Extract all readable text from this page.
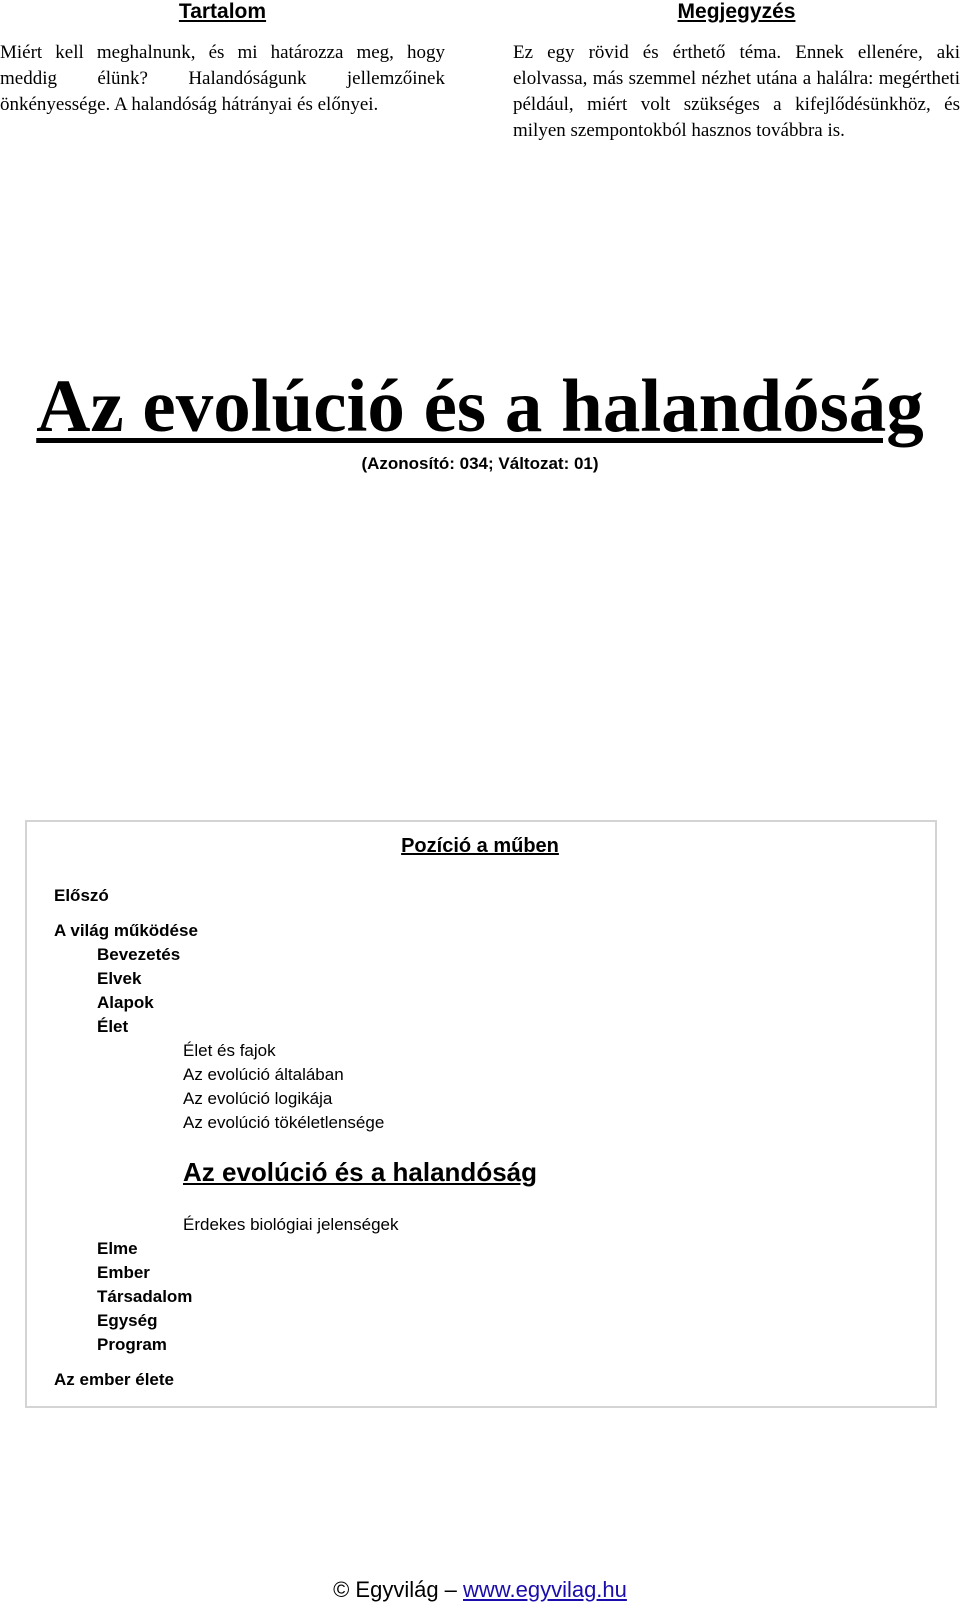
Tartalom
Miért kell meghalnunk, és mi határozza meg, hogy meddig élünk? Halandóságunk jellemzőinek önkényessége. A halandóság hátrányai és előnyei.
Megjegyzés
Ez egy rövid és érthető téma. Ennek ellenére, aki elolvassa, más szemmel nézhet utána a halálra: megértheti például, miért volt szükséges a kifejlődésünkhöz, és milyen szempontokból hasznos továbbra is.
Az evolúció és a halandóság
(Azonosító: 034; Változat: 01)
Pozíció a műben
Előszó
A világ működése
Bevezetés
Elvek
Alapok
Élet
Élet és fajok
Az evolúció általában
Az evolúció logikája
Az evolúció tökéletlensége
Az evolúció és a halandóság
Érdekes biológiai jelenségek
Elme
Ember
Társadalom
Egység
Program
Az ember élete
© Egyvilág – www.egyvilag.hu
